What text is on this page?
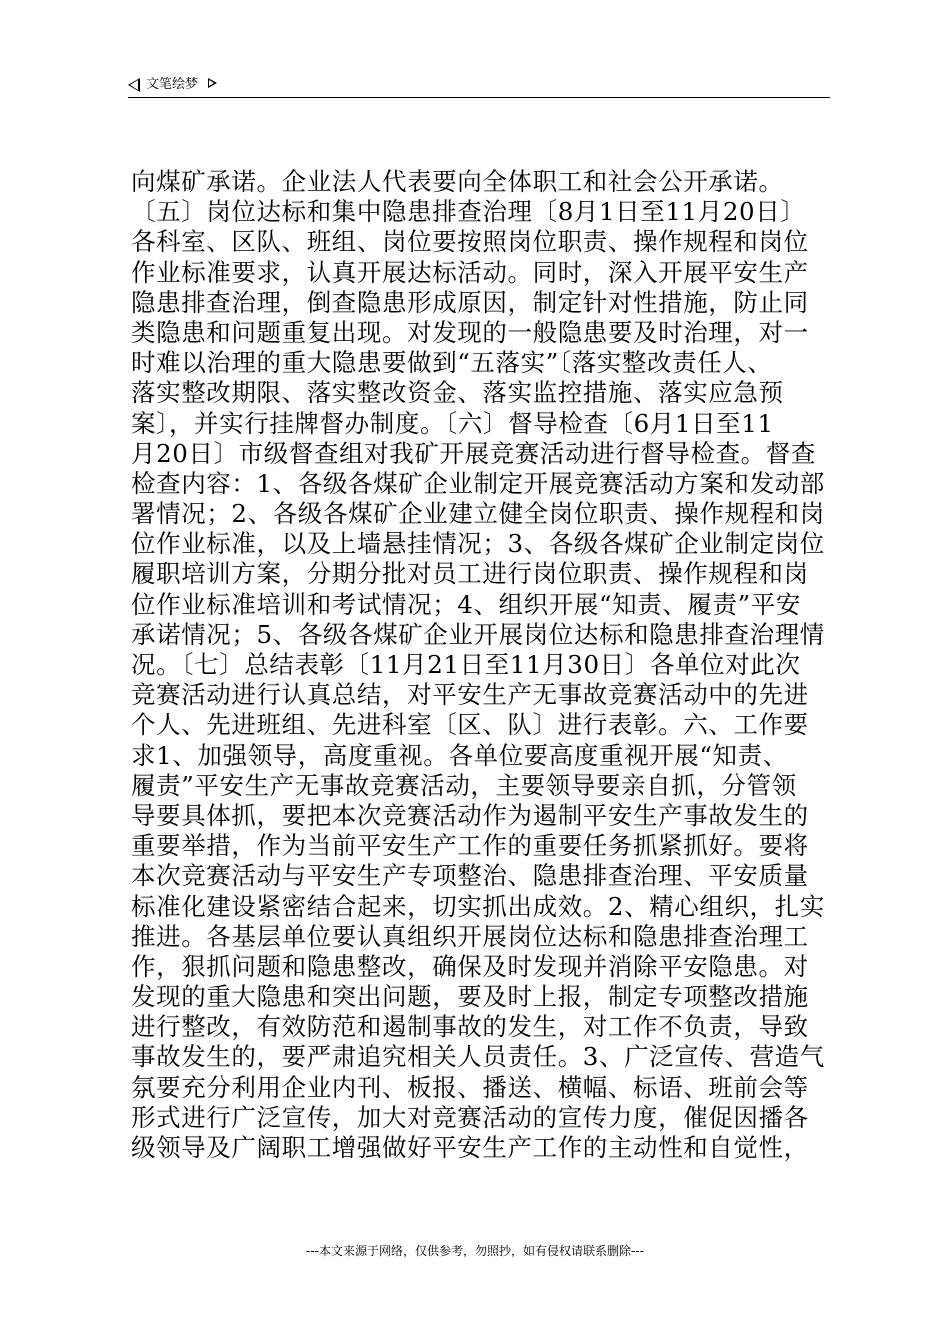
文笔绘梦
向煤矿承诺。企业法人代表要向全体职工和社会公开承诺。
〔五〕岗位达标和集中隐患排查治理〔8月1日至11月20日〕
各科室、区队、班组、岗位要按照岗位职责、操作规程和岗位
作业标准要求，认真开展达标活动。同时，深入开展平安生产
隐患排查治理，倒查隐患形成原因，制定针对性措施，防止同
类隐患和问题重复出现。对发现的一般隐患要及时治理，对一
时难以治理的重大隐患要做到“五落实”〔落实整改责任人、
落实整改期限、落实整改资金、落实监控措施、落实应急预
案〕，并实行挂牌督办制度。〔六〕督导检查〔6月1日至11
月20日〕市级督查组对我矿开展竞赛活动进行督导检查。督查
检查内容：1、各级各煤矿企业制定开展竞赛活动方案和发动部
署情况；2、各级各煤矿企业建立健全岗位职责、操作规程和岗
位作业标准，以及上墙悬挂情况；3、各级各煤矿企业制定岗位
履职培训方案，分期分批对员工进行岗位职责、操作规程和岗
位作业标准培训和考试情况；4、组织开展“知责、履责”平安
承诺情况；5、各级各煤矿企业开展岗位达标和隐患排查治理情
况。〔七〕总结表彰〔11月21日至11月30日〕各单位对此次
竞赛活动进行认真总结，对平安生产无事故竞赛活动中的先进
个人、先进班组、先进科室〔区、队〕进行表彰。六、工作要
求1、加强领导，高度重视。各单位要高度重视开展“知责、
履责”平安生产无事故竞赛活动，主要领导要亲自抓，分管领
导要具体抓，要把本次竞赛活动作为遏制平安生产事故发生的
重要举措，作为当前平安生产工作的重要任务抓紧抓好。要将
本次竞赛活动与平安生产专项整治、隐患排查治理、平安质量
标准化建设紧密结合起来，切实抓出成效。2、精心组织，扎实
推进。各基层单位要认真组织开展岗位达标和隐患排查治理工
作，狠抓问题和隐患整改，确保及时发现并消除平安隐患。对
发现的重大隐患和突出问题，要及时上报，制定专项整改措施
进行整改，有效防范和遏制事故的发生，对工作不负责，导致
事故发生的，要严肃追究相关人员责任。3、广泛宣传、营造气
氛要充分利用企业内刊、板报、播送、横幅、标语、班前会等
形式进行广泛宣传，加大对竞赛活动的宣传力度，催促因播各
级领导及广阔职工增强做好平安生产工作的主动性和自觉性，
---本文来源于网络，仅供参考，勿照抄，如有侵权请联系删除---
